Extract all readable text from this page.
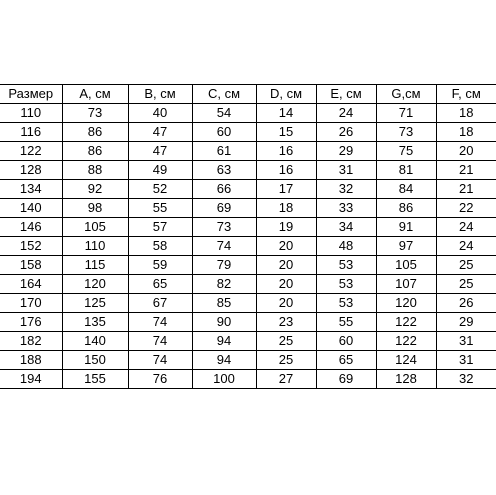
Размер	A, см	B, см	C, см	D, см	E, см	G,см	F, см
110	73	40	54	14	24	71	18
116	86	47	60	15	26	73	18
122	86	47	61	16	29	75	20
128	88	49	63	16	31	81	21
134	92	52	66	17	32	84	21
140	98	55	69	18	33	86	22
146	105	57	73	19	34	91	24
152	110	58	74	20	48	97	24
158	115	59	79	20	53	105	25
164	120	65	82	20	53	107	25
170	125	67	85	20	53	120	26
176	135	74	90	23	55	122	29
182	140	74	94	25	60	122	31
188	150	74	94	25	65	124	31
194	155	76	100	27	69	128	32
